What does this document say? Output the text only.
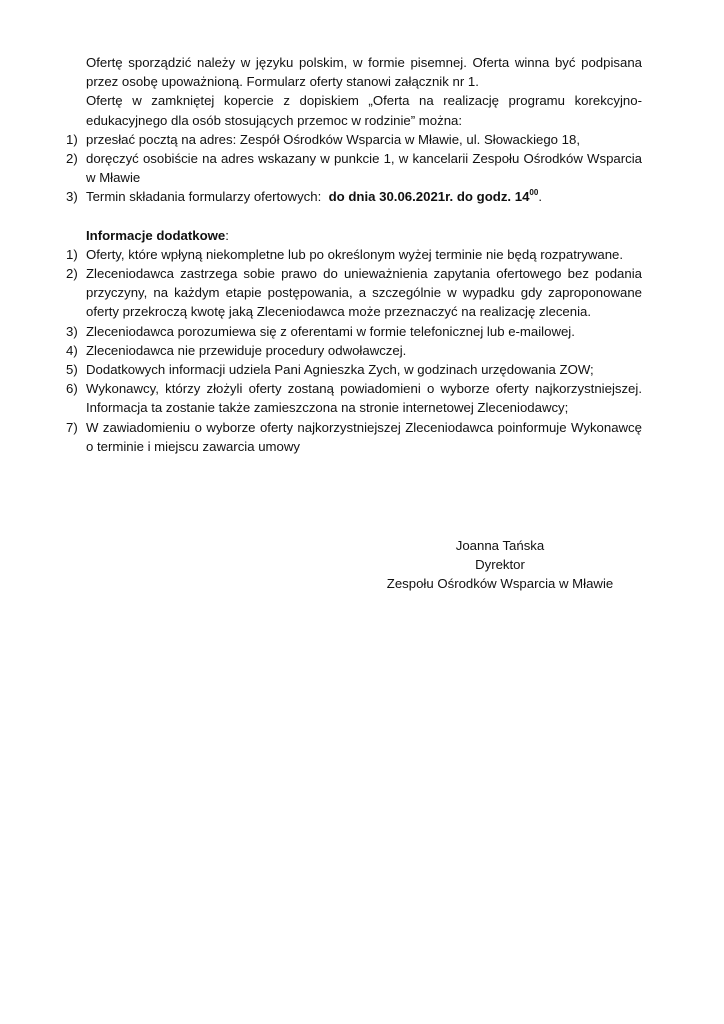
Ofertę sporządzić należy w języku polskim, w formie pisemnej. Oferta winna być podpisana przez osobę upoważnioną. Formularz oferty stanowi załącznik nr 1.

Ofertę w zamkniętej kopercie z dopiskiem „Oferta na realizację programu korekcyjno-edukacyjnego dla osób stosujących przemoc w rodzinie” można:

1) przesłać pocztą na adres: Zespół Ośrodków Wsparcia w Mławie, ul. Słowackiego 18,
2) doręczyć osobiście na adres wskazany w punkcie 1, w kancelarii Zespołu Ośrodków Wsparcia w Mławie
3) Termin składania formularzy ofertowych: do dnia 30.06.2021r. do godz. $14^{00}$.
Informacje dodatkowe:
1) Oferty, które wpłyną niekompletne lub po określonym wyżej terminie nie będą rozpatrywane.
2) Zleceniodawca zastrzega sobie prawo do unieważnienia zapytania ofertowego bez podania przyczyny, na każdym etapie postępowania, a szczególnie w wypadku gdy zaproponowane oferty przekroczą kwotę jaką Zleceniodawca może przeznaczyć na realizację zlecenia.
3) Zleceniodawca porozumiewa się z oferentami w formie telefonicznej lub e-mailowej.
4) Zleceniodawca nie przewiduje procedury odwoławczej.
5) Dodatkowych informacji udziela Pani Agnieszka Zych, w godzinach urzędowania ZOW;
6) Wykonawcy, którzy złożyli oferty zostaną powiadomieni o wyborze oferty najkorzystniejszej. Informacja ta zostanie także zamieszczona na stronie internetowej Zleceniodawcy;
7) W zawiadomieniu o wyborze oferty najkorzystniejszej Zleceniodawca poinformuje Wykonawcę o terminie i miejscu zawarcia umowy
Joanna Tańska
Dyrektor
Zespołu Ośrodków Wsparcia w Mławie
